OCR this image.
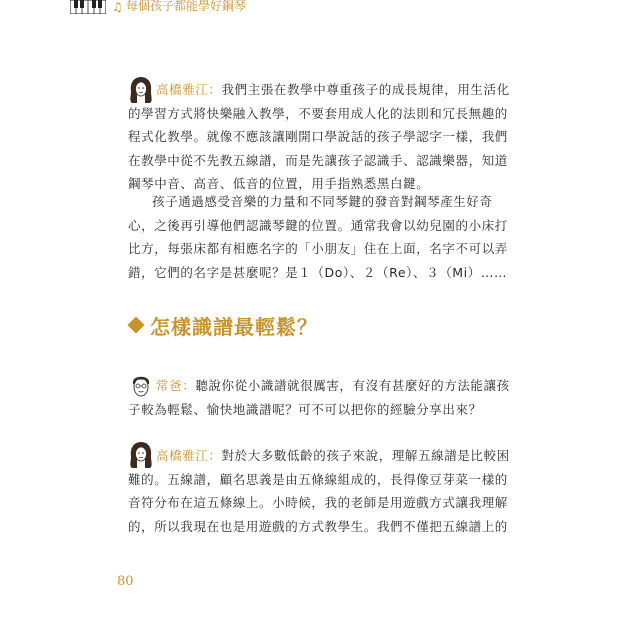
♫ 每個孩子都能學好鋼琴

高橋雅江：我們主張在教學中尊重孩子的成長規律，用生活化
的學習方式將快樂融入教學，不要套用成人化的法則和冗長無趣的
程式化教學。就像不應該讓剛開口學說話的孩子學認字一樣，我們
在教學中從不先教五線譜，而是先讓孩子認識手、認識樂器，知道
鋼琴中音、高音、低音的位置，用手指熟悉黑白鍵。

孩子通過感受音樂的力量和不同琴鍵的發音對鋼琴產生好奇
心，之後再引導他們認識琴鍵的位置。通常我會以幼兒園的小床打
比方，每張床都有相應名字的「小朋友」住在上面，名字不可以弄
錯，它們的名字是甚麼呢？是１（Do）、２（Re）、３（Mi）……

怎樣識譜最輕鬆？

常爸：聽說你從小識譜就很厲害，有沒有甚麼好的方法能讓孩
子較為輕鬆、愉快地識譜呢？可不可以把你的經驗分享出來？

高橋雅江：對於大多數低齡的孩子來說，理解五線譜是比較困
難的。五線譜，顧名思義是由五條線組成的，長得像豆芽菜一樣的
音符分布在這五條線上。小時候，我的老師是用遊戲方式讓我理解
的，所以我現在也是用遊戲的方式教學生。我們不僅把五線譜上的

80
